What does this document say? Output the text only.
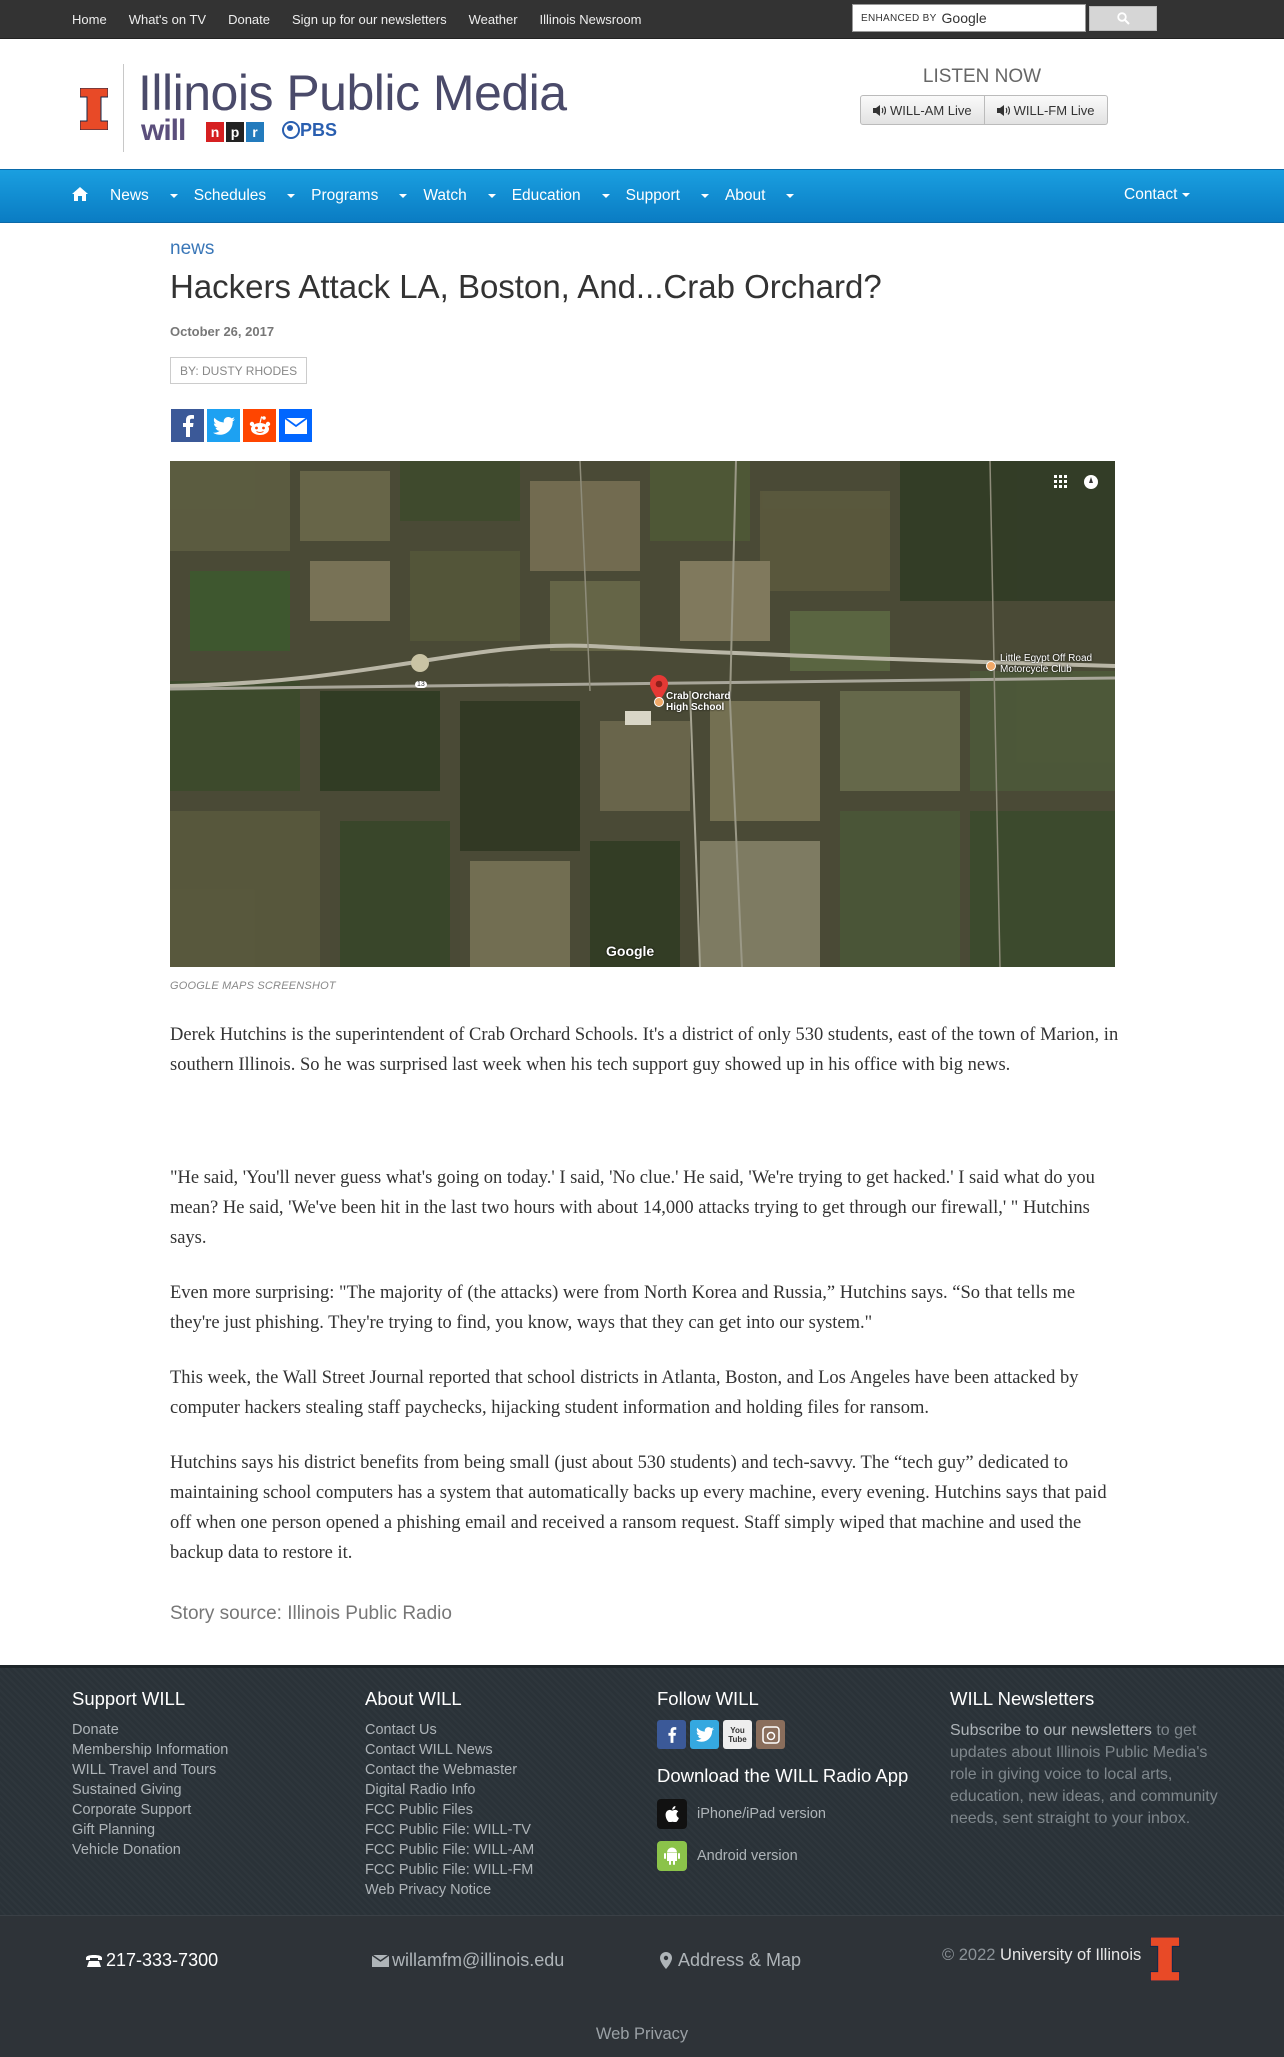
Home What's on TV Donate Sign up for our newsletters Weather Illinois Newsroom	ENHANCED BY Google
Illinois Public Media
will	n p r	PBS
LISTEN NOW
WILL-AM Live	WILL-FM Live
News	Schedules	Programs	Watch	Education	Support	About	Contact
news
Hackers Attack LA, Boston, And...Crab Orchard?
October 26, 2017
BY: DUSTY RHODES
Crab Orchard
High School
Little Egypt Off Road
Motorcycle Club
13
Google
GOOGLE MAPS SCREENSHOT

Derek Hutchins is the superintendent of Crab Orchard Schools. It's a district of only 530 students, east of the town of Marion, in southern Illinois. So he was surprised last week when his tech support guy showed up in his office with big news.

"He said, 'You'll never guess what's going on today.' I said, 'No clue.' He said, 'We're trying to get hacked.' I said what do you mean? He said, 'We've been hit in the last two hours with about 14,000 attacks trying to get through our firewall,' " Hutchins says.

Even more surprising: "The majority of (the attacks) were from North Korea and Russia,” Hutchins says. “So that tells me they're just phishing. They're trying to find, you know, ways that they can get into our system."

This week, the Wall Street Journal reported that school districts in Atlanta, Boston, and Los Angeles have been attacked by computer hackers stealing staff paychecks, hijacking student information and holding files for ransom.

Hutchins says his district benefits from being small (just about 530 students) and tech-savvy. The “tech guy” dedicated to maintaining school computers has a system that automatically backs up every machine, every evening. Hutchins says that paid off when one person opened a phishing email and received a ransom request. Staff simply wiped that machine and used the backup data to restore it.

Story source: Illinois Public Radio
Support WILL
Donate
Membership Information
WILL Travel and Tours
Sustained Giving
Corporate Support
Gift Planning
Vehicle Donation
About WILL
Contact Us
Contact WILL News
Contact the Webmaster
Digital Radio Info
FCC Public Files
FCC Public File: WILL-TV
FCC Public File: WILL-AM
FCC Public File: WILL-FM
Web Privacy Notice
Follow WILL
You Tube
Download the WILL Radio App
iPhone/iPad version
Android version
WILL Newsletters
Subscribe to our newsletters to get updates about Illinois Public Media's role in giving voice to local arts, education, new ideas, and community needs, sent straight to your inbox.
217-333-7300	willamfm@illinois.edu	Address & Map	© 2022 University of Illinois
Web Privacy
